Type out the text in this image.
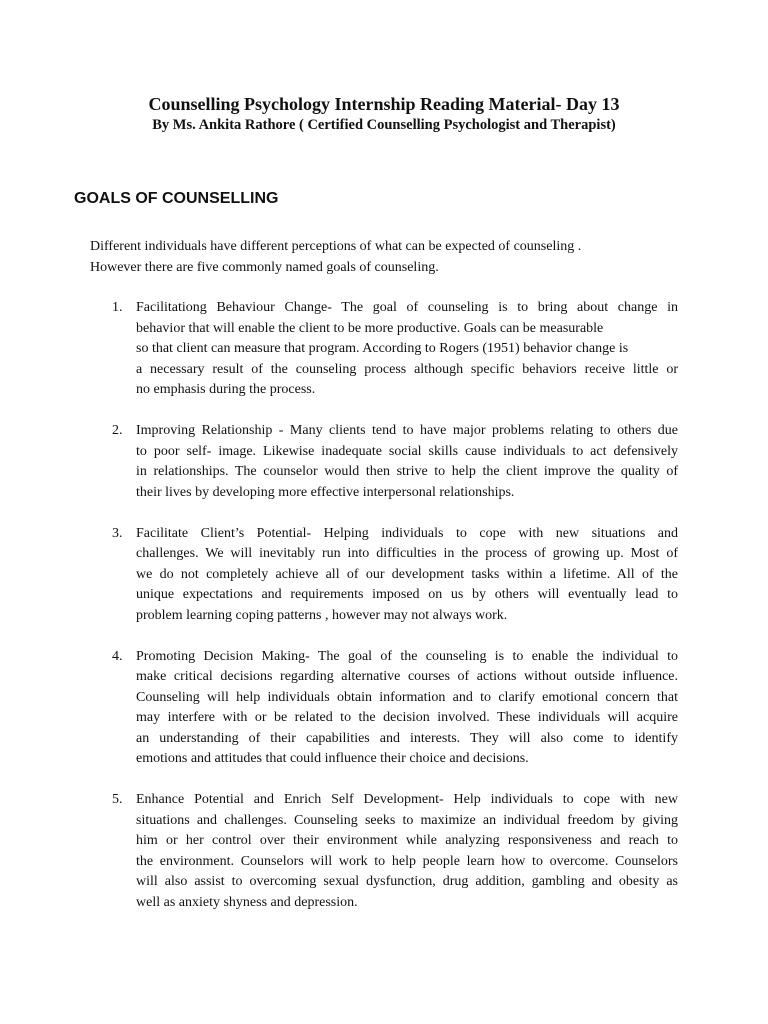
Counselling Psychology Internship Reading Material- Day 13

By Ms. Ankita Rathore ( Certified Counselling Psychologist and Therapist)

GOALS OF COUNSELLING

Different individuals have different perceptions of what can be expected of counseling .
However there are five commonly named goals of counseling.

1. Facilitationg Behaviour Change- The goal of counseling is to bring about change in
behavior that will enable the client to be more productive. Goals can be measurable
so that client can measure that program. According to Rogers (1951) behavior change is
a necessary result of the counseling process although specific behaviors receive little or
no emphasis during the process.
2. Improving Relationship - Many clients tend to have major problems relating to others due
to poor self- image. Likewise inadequate social skills cause individuals to act defensively
in relationships. The counselor would then strive to help the client improve the quality of
their lives by developing more effective interpersonal relationships.
3. Facilitate Client’s Potential- Helping individuals to cope with new situations and
challenges. We will inevitably run into difficulties in the process of growing up. Most of
we do not completely achieve all of our development tasks within a lifetime. All of the
unique expectations and requirements imposed on us by others will eventually lead to
problem learning coping patterns , however may not always work.
4. Promoting Decision Making- The goal of the counseling is to enable the individual to
make critical decisions regarding alternative courses of actions without outside influence.
Counseling will help individuals obtain information and to clarify emotional concern that
may interfere with or be related to the decision involved. These individuals will acquire
an understanding of their capabilities and interests. They will also come to identify
emotions and attitudes that could influence their choice and decisions.
5. Enhance Potential and Enrich Self Development- Help individuals to cope with new
situations and challenges. Counseling seeks to maximize an individual freedom by giving
him or her control over their environment while analyzing responsiveness and reach to
the environment. Counselors will work to help people learn how to overcome. Counselors
will also assist to overcoming sexual dysfunction, drug addition, gambling and obesity as
well as anxiety shyness and depression.
